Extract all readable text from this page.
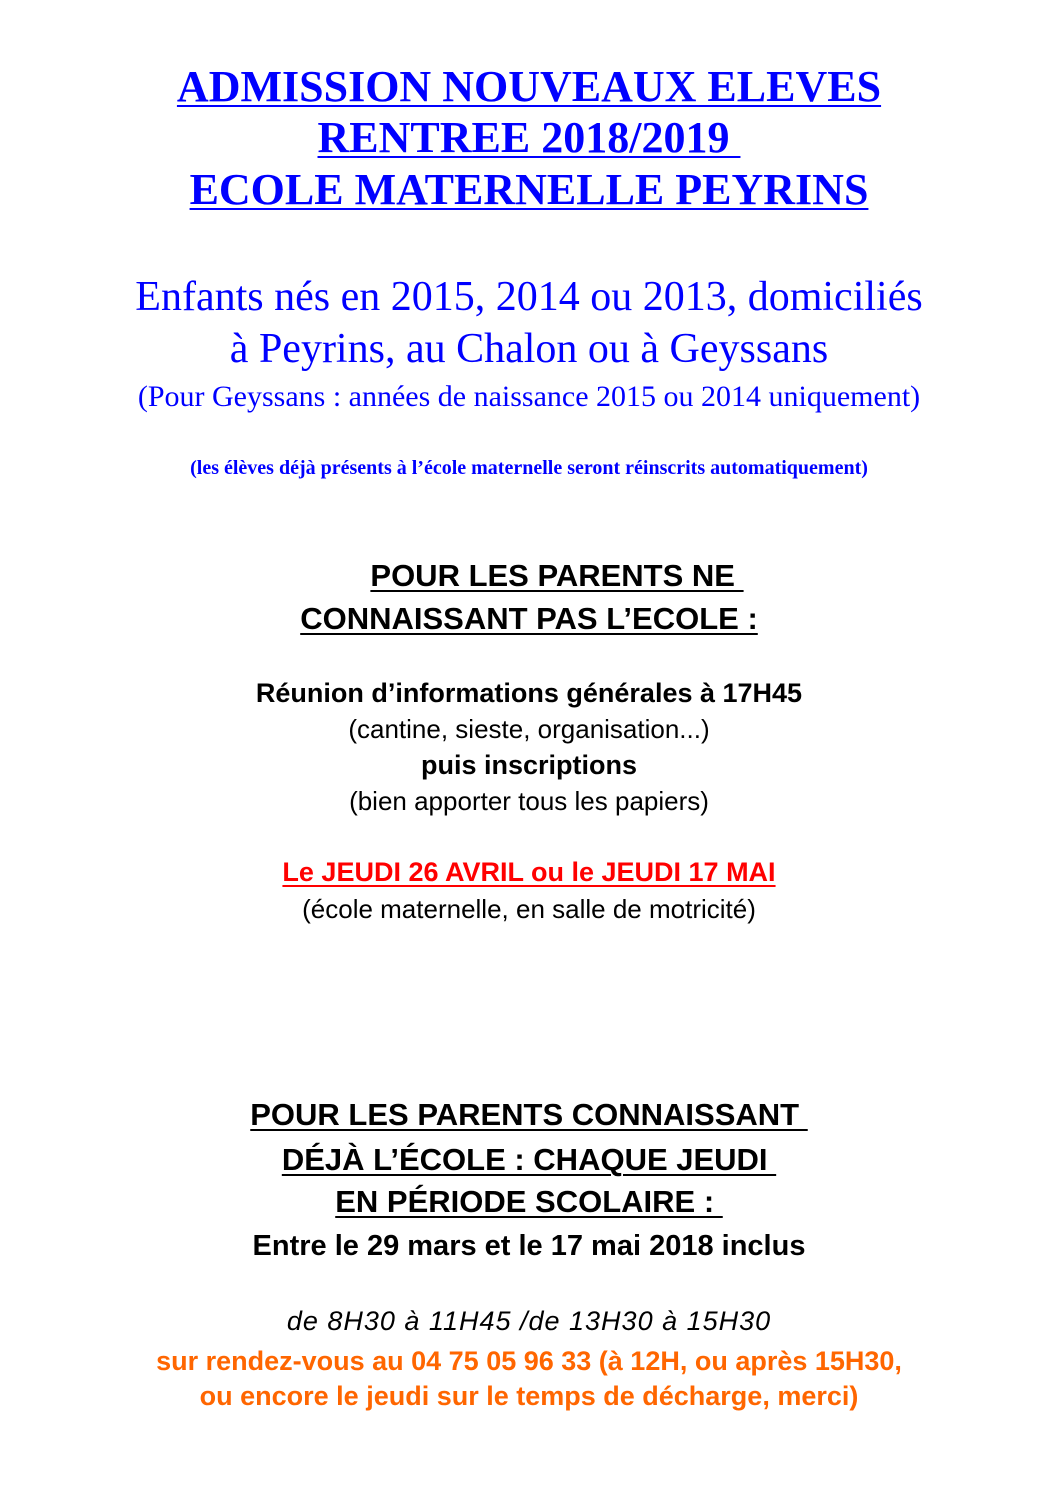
ADMISSION NOUVEAUX ELEVES
RENTREE 2018/2019
ECOLE MATERNELLE PEYRINS
Enfants nés en 2015, 2014 ou 2013, domiciliés
à Peyrins, au Chalon ou à Geyssans
(Pour Geyssans : années de naissance 2015 ou 2014 uniquement)
(les élèves déjà présents à l’école maternelle seront réinscrits automatiquement)
POUR LES PARENTS NE
CONNAISSANT PAS L’ECOLE :
Réunion d’informations générales à 17H45
(cantine, sieste, organisation...)
puis inscriptions
(bien apporter tous les papiers)
Le JEUDI 26 AVRIL ou le JEUDI 17 MAI
(école maternelle, en salle de motricité)
POUR LES PARENTS CONNAISSANT
DÉJÀ L’ÉCOLE : CHAQUE JEUDI
EN PÉRIODE SCOLAIRE :
Entre le 29 mars et le 17 mai 2018 inclus
de 8H30 à 11H45 /de 13H30 à 15H30
sur rendez-vous au 04 75 05 96 33 (à 12H, ou après 15H30,
ou encore le jeudi sur le temps de décharge, merci)
